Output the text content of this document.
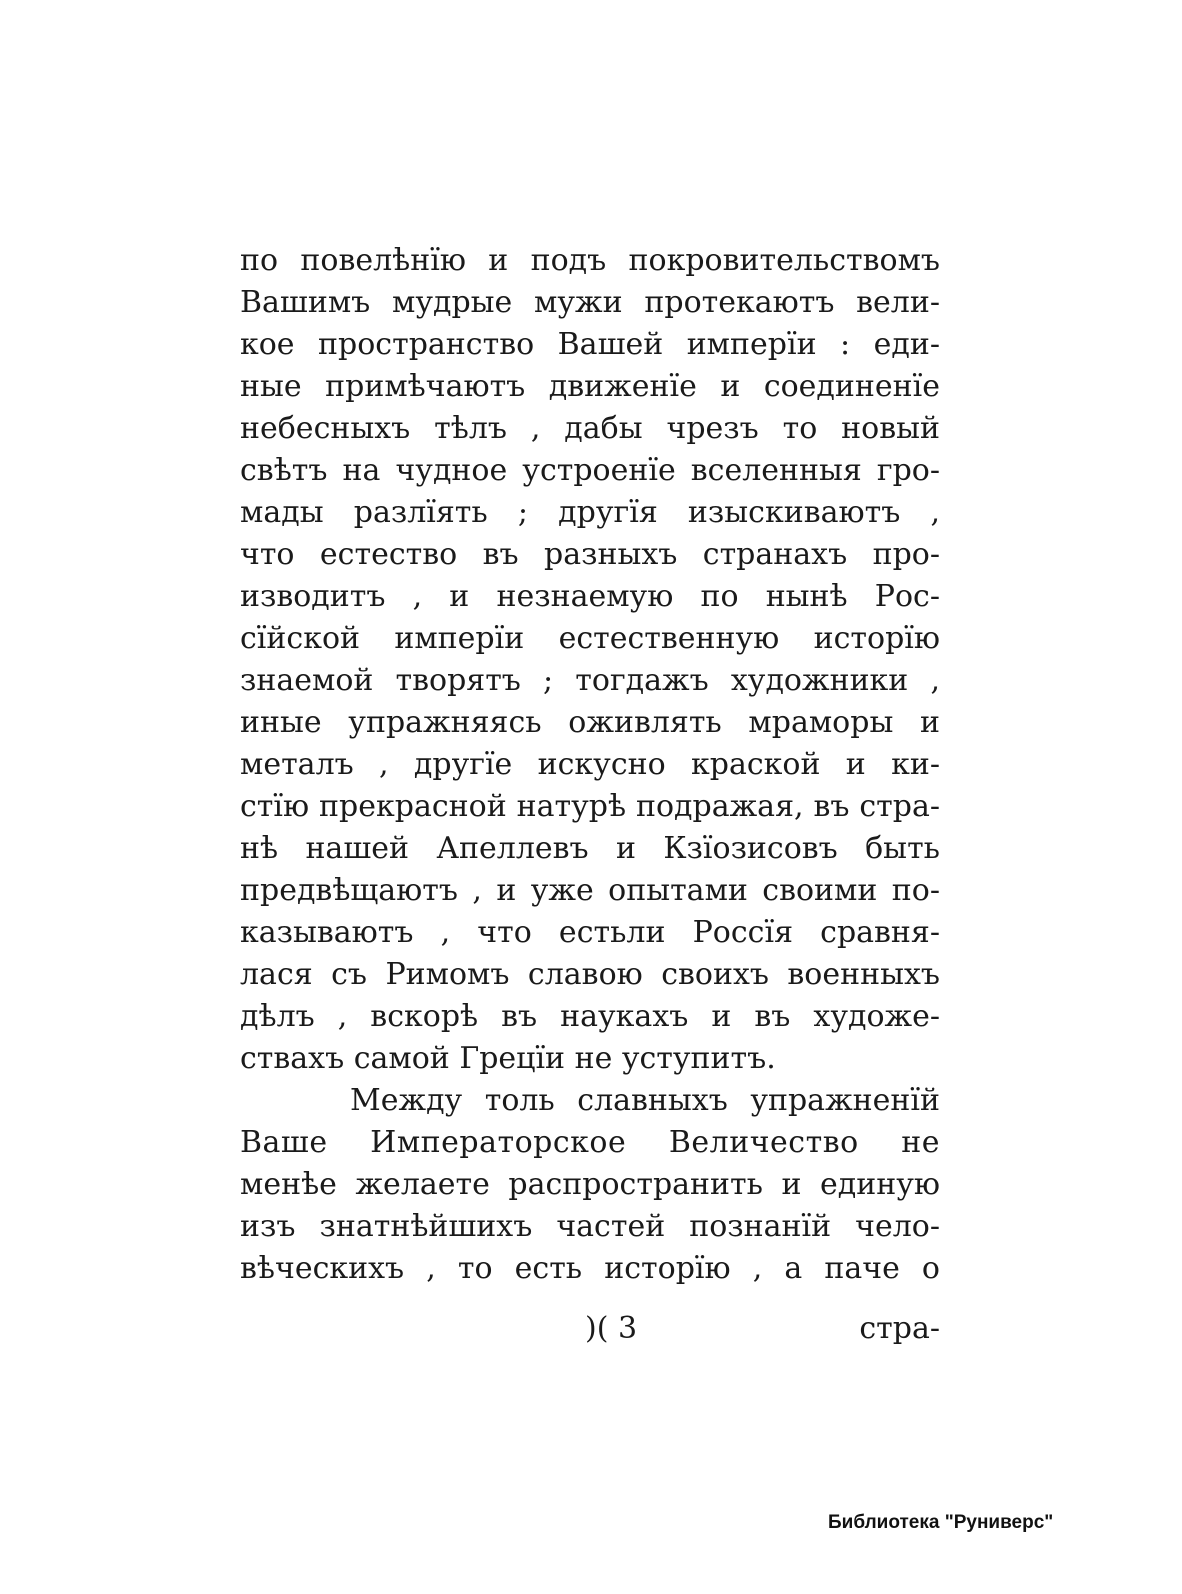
по повелѣнїю и подъ покровительствомъ
Вашимъ мудрые мужи протекаютъ вели-
кое пространство Вашей имперїи : еди-
ные примѣчаютъ движенїе и соединенїе
небесныхъ тѣлъ , дабы чрезъ то новый
свѣтъ на чудное устроенїе вселенныя гро-
мады разлїять ; другїя изыскиваютъ ,
что естество въ разныхъ странахъ про-
изводитъ , и незнаемую по нынѣ Рос-
сїйской имперїи естественную исторїю
знаемой творятъ ; тогдажъ художники ,
иные упражняясь оживлять мраморы и
металъ , другїе искусно краской и ки-
стїю прекрасной натурѣ подражая, въ стра-
нѣ нашей Апеллевъ и Кзїозисовъ быть
предвѣщаютъ , и уже опытами своими по-
казываютъ , что естьли Россїя сравня-
лася съ Римомъ славою своихъ военныхъ
дѣлъ , вскорѣ въ наукахъ и въ художе-
ствахъ самой Грецїи не уступитъ.
Между толь славныхъ упражненїй
Ваше Императорское Величество не
менѣе желаете распространить и единую
изъ знатнѣйшихъ частей познанїй чело-
вѣческихъ , то есть исторїю , а паче о
)( 3	стра-
Библиотека "Руниверс"
